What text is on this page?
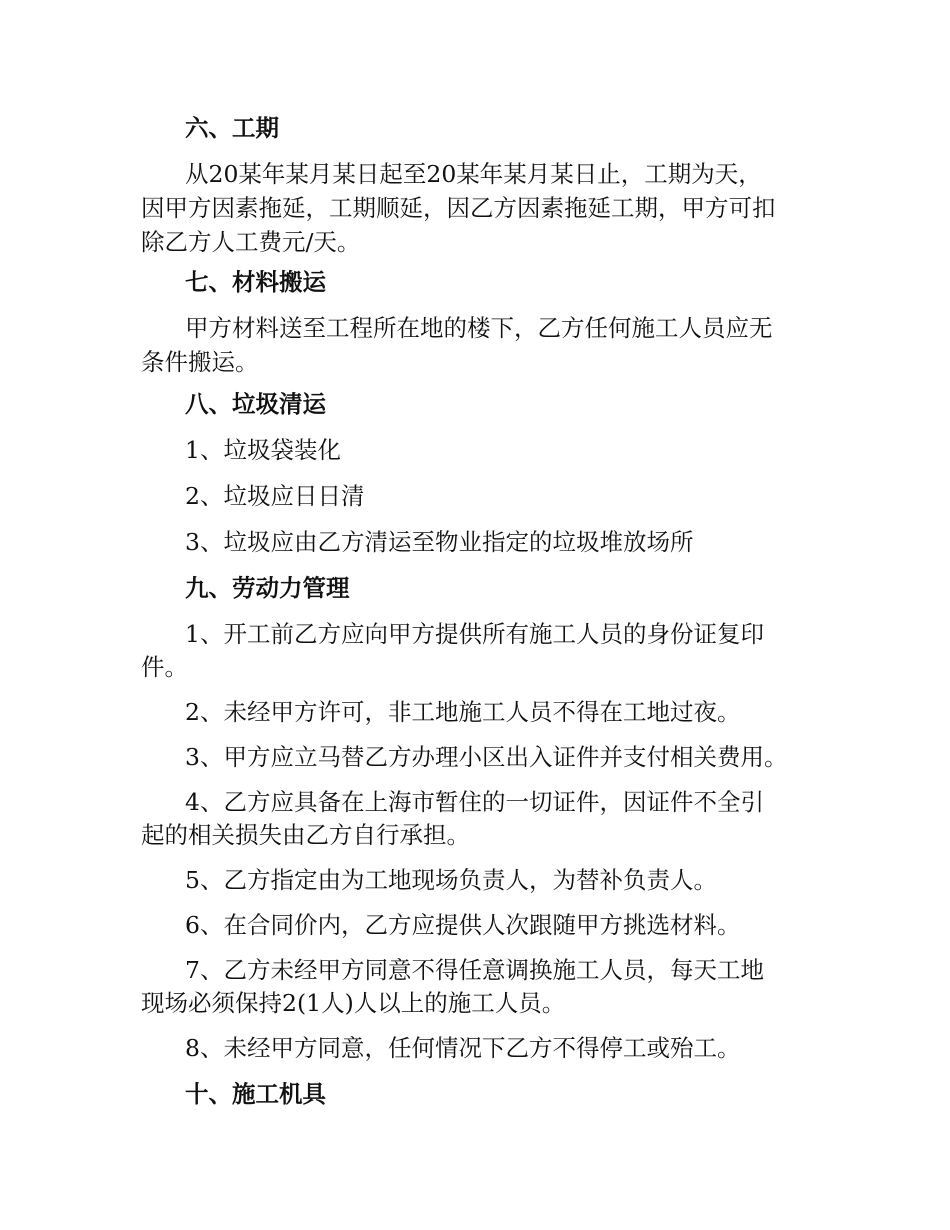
六、工期
从20某年某月某日起至20某年某月某日止，工期为天，
因甲方因素拖延，工期顺延，因乙方因素拖延工期，甲方可扣
除乙方人工费元/天。
七、材料搬运
甲方材料送至工程所在地的楼下，乙方任何施工人员应无
条件搬运。
八、垃圾清运
1、垃圾袋装化
2、垃圾应日日清
3、垃圾应由乙方清运至物业指定的垃圾堆放场所
九、劳动力管理
1、开工前乙方应向甲方提供所有施工人员的身份证复印
件。
2、未经甲方许可，非工地施工人员不得在工地过夜。
3、甲方应立马替乙方办理小区出入证件并支付相关费用。
4、乙方应具备在上海市暂住的一切证件，因证件不全引
起的相关损失由乙方自行承担。
5、乙方指定由为工地现场负责人，为替补负责人。
6、在合同价内，乙方应提供人次跟随甲方挑选材料。
7、乙方未经甲方同意不得任意调换施工人员，每天工地
现场必须保持2(1人)人以上的施工人员。
8、未经甲方同意，任何情况下乙方不得停工或殆工。
十、施工机具
